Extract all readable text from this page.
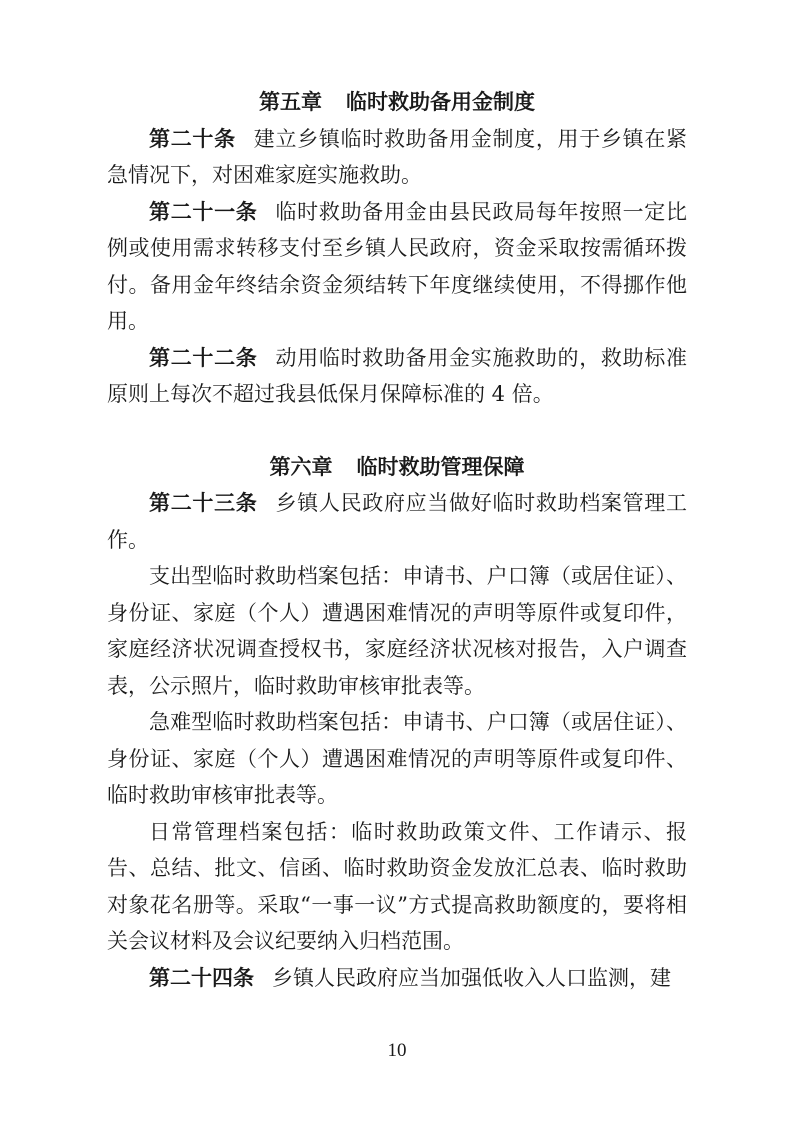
第五章 临时救助备用金制度

第二十条 建立乡镇临时救助备用金制度，用于乡镇在紧急情况下，对困难家庭实施救助。

第二十一条 临时救助备用金由县民政局每年按照一定比例或使用需求转移支付至乡镇人民政府，资金采取按需循环拨付。备用金年终结余资金须结转下年度继续使用，不得挪作他用。

第二十二条 动用临时救助备用金实施救助的，救助标准原则上每次不超过我县低保月保障标准的 4 倍。

第六章 临时救助管理保障

第二十三条 乡镇人民政府应当做好临时救助档案管理工作。

支出型临时救助档案包括：申请书、户口簿（或居住证）、身份证、家庭（个人）遭遇困难情况的声明等原件或复印件，家庭经济状况调查授权书，家庭经济状况核对报告，入户调查表，公示照片，临时救助审核审批表等。

急难型临时救助档案包括：申请书、户口簿（或居住证）、身份证、家庭（个人）遭遇困难情况的声明等原件或复印件、临时救助审核审批表等。

日常管理档案包括：临时救助政策文件、工作请示、报告、总结、批文、信函、临时救助资金发放汇总表、临时救助对象花名册等。采取“一事一议”方式提高救助额度的，要将相关会议材料及会议纪要纳入归档范围。

第二十四条 乡镇人民政府应当加强低收入人口监测，建

10
